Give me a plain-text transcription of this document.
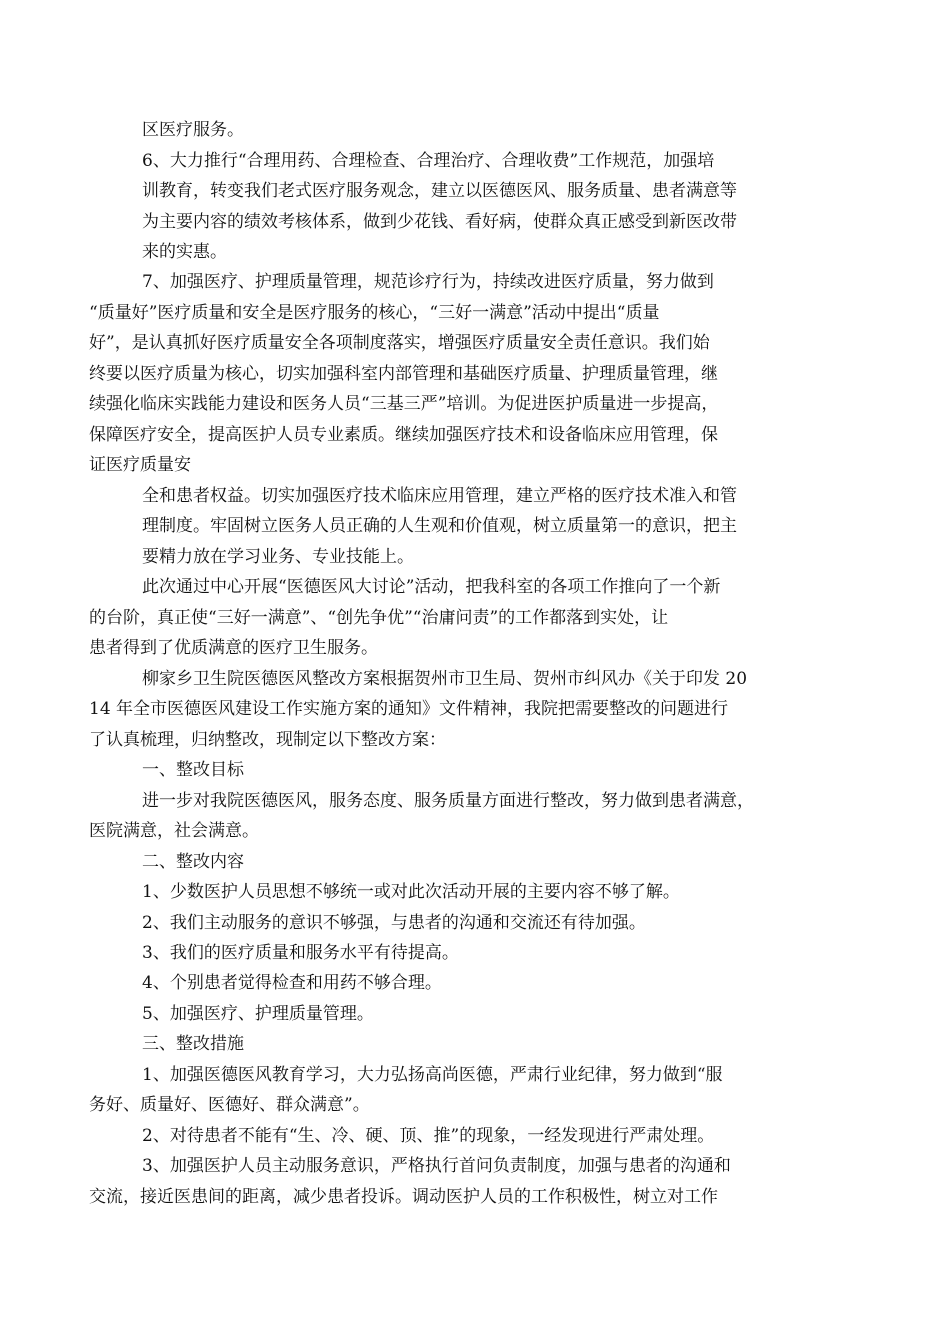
区医疗服务。
6、大力推行“合理用药、合理检查、合理治疗、合理收费”工作规范，加强培
训教育，转变我们老式医疗服务观念，建立以医德医风、服务质量、患者满意等
为主要内容的绩效考核体系，做到少花钱、看好病，使群众真正感受到新医改带
来的实惠。
7、加强医疗、护理质量管理，规范诊疗行为，持续改进医疗质量，努力做到
“质量好”医疗质量和安全是医疗服务的核心，“三好一满意”活动中提出“质量
好”，是认真抓好医疗质量安全各项制度落实，增强医疗质量安全责任意识。我们始
终要以医疗质量为核心，切实加强科室内部管理和基础医疗质量、护理质量管理，继
续强化临床实践能力建设和医务人员“三基三严”培训。为促进医护质量进一步提高，
保障医疗安全，提高医护人员专业素质。继续加强医疗技术和设备临床应用管理，保
证医疗质量安
全和患者权益。切实加强医疗技术临床应用管理，建立严格的医疗技术准入和管
理制度。牢固树立医务人员正确的人生观和价值观，树立质量第一的意识，把主
要精力放在学习业务、专业技能上。
此次通过中心开展“医德医风大讨论”活动，把我科室的各项工作推向了一个新
的台阶，真正使“三好一满意”、“创先争优”“治庸问责”的工作都落到实处，让
患者得到了优质满意的医疗卫生服务。
柳家乡卫生院医德医风整改方案根据贺州市卫生局、贺州市纠风办《关于印发 20
14 年全市医德医风建设工作实施方案的通知》文件精神，我院把需要整改的问题进行
了认真梳理，归纳整改，现制定以下整改方案：
一、整改目标
进一步对我院医德医风，服务态度、服务质量方面进行整改，努力做到患者满意，
医院满意，社会满意。
二、整改内容
1、少数医护人员思想不够统一或对此次活动开展的主要内容不够了解。
2、我们主动服务的意识不够强，与患者的沟通和交流还有待加强。
3、我们的医疗质量和服务水平有待提高。
4、个别患者觉得检查和用药不够合理。
5、加强医疗、护理质量管理。
三、整改措施
1、加强医德医风教育学习，大力弘扬高尚医德，严肃行业纪律，努力做到“服
务好、质量好、医德好、群众满意”。
2、对待患者不能有“生、冷、硬、顶、推”的现象，一经发现进行严肃处理。
3、加强医护人员主动服务意识，严格执行首问负责制度，加强与患者的沟通和
交流，接近医患间的距离，减少患者投诉。调动医护人员的工作积极性，树立对工作
